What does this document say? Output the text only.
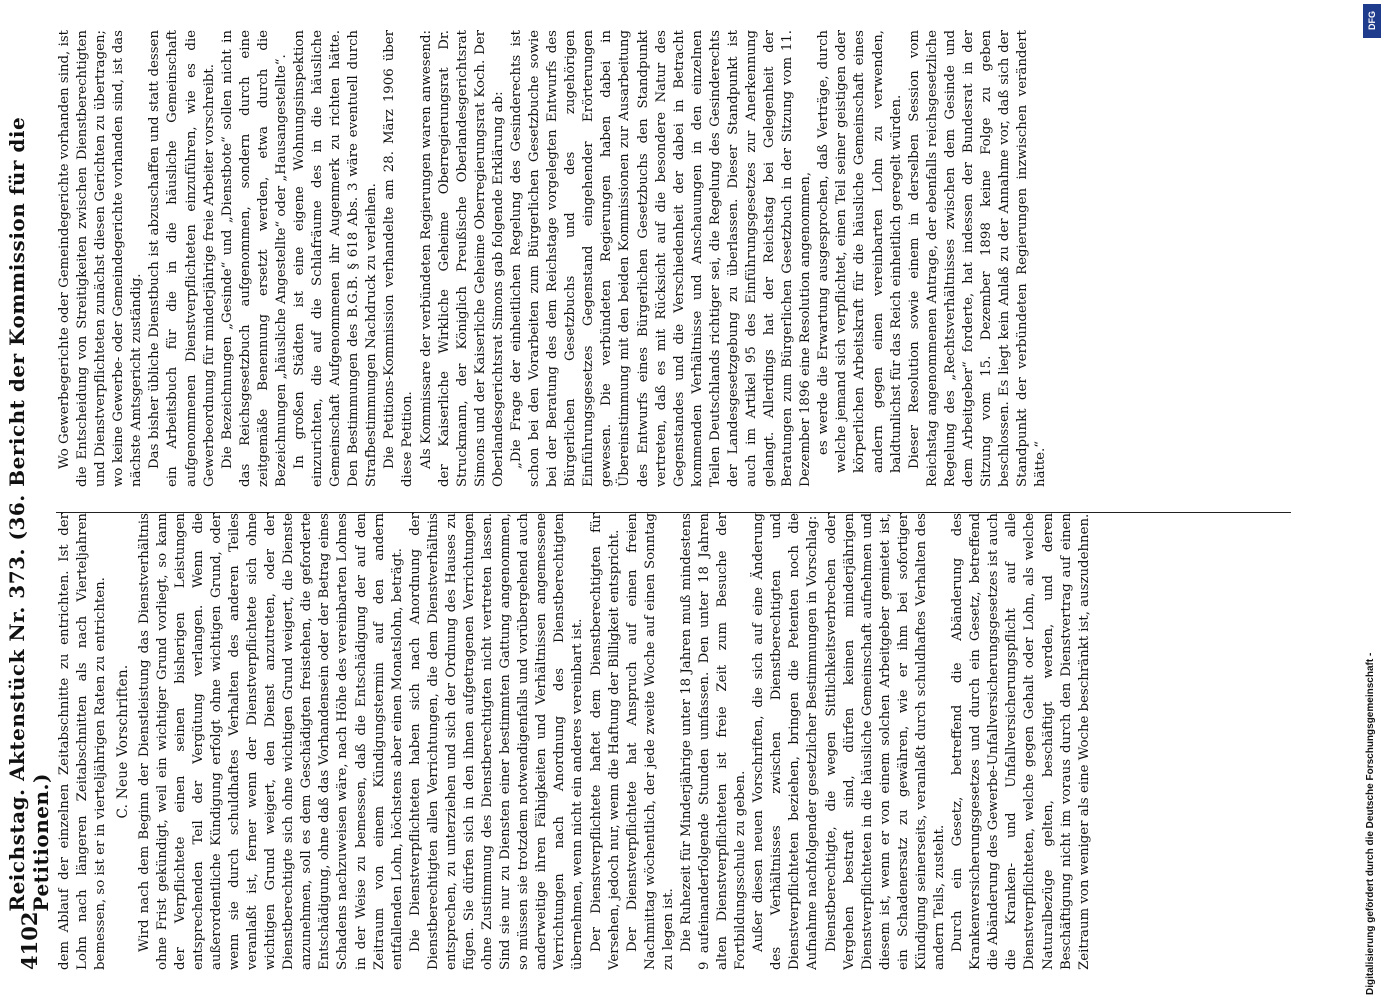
4102
Reichstag. Aktenstück Nr. 373. (36. Bericht der Kommission für die Petitionen.) dem Ablauf der einzelnen Zeitabschnitte zu entrichten. Ist der Lohn nach längeren Zeitabschnitten als nach Vierteljahren bemessen, so ist er in vierteljährigen Raten zu entrichten. C. Neue Vorschriften. Wird nach dem Beginn der Dienstleistung das Dienstverhältnis ohne Frist gekündigt, weil ein wichtiger Grund vorliegt, so kann der Verpflichtete einen seinen bisherigen Leistungen entsprechenden Teil der Vergütung verlangen. Wenn die außerordentliche Kündigung erfolgt ohne wichtigen Grund, oder wenn sie durch schuldhaftes Verhalten des anderen Teiles veranlaßt ist, ferner wenn der Dienstverpflichtete sich ohne wichtigen Grund weigert, den Dienst anzutreten, oder der Dienstberechtigte sich ohne wichtigen Grund weigert, die Dienste anzunehmen, soll es dem Geschädigten freistehen, die geforderte Entschädigung, ohne daß das Vorhandensein oder der Betrag eines Schadens nachzuweisen wäre, nach Höhe des vereinbarten Lohnes in der Weise zu bemessen, daß die Entschädigung der auf den Zeitraum von einem Kündigungstermin auf den andern entfallenden Lohn, höchstens aber einen Monatslohn, beträgt. Die Dienstverpflichteten haben sich nach Anordnung der Dienstberechtigten allen Verrichtungen, die dem Dienstverhältnis entsprechen, zu unterziehen und sich der Ordnung des Hauses zu fügen. Sie dürfen sich in den ihnen aufgetragenen Verrichtungen ohne Zustimmung des Dienstberechtigten nicht vertreten lassen. Sind sie nur zu Diensten einer bestimmten Gattung angenommen, so müssen sie trotzdem notwendigenfalls und vorübergehend auch anderweitige ihren Fähigkeiten und Verhältnissen angemessene Verrichtungen nach Anordnung des Dienstberechtigten übernehmen, wenn nicht ein anderes vereinbart ist. Der Dienstverpflichtete haftet dem Dienstberechtigten für Versehen, jedoch nur, wenn die Haftung der Billigkeit entspricht. Der Dienstverpflichtete hat Anspruch auf einen freien Nachmittag wöchentlich, der jede zweite Woche auf einen Sonntag zu legen ist. Die Ruhezeit für Minderjährige unter 18 Jahren muß mindestens 9 aufeinanderfolgende Stunden umfassen. Den unter 18 Jahren alten Dienstverpflichteten ist freie Zeit zum Besuche der Fortbildungsschule zu geben. Außer diesen neuen Vorschriften, die sich auf eine Änderung des Verhältnisses zwischen Dienstberechtigten und Dienstverpflichteten beziehen, bringen die Petenten noch die Aufnahme nachfolgender gesetzlicher Bestimmungen in Vorschlag: Dienstberechtigte, die wegen Sittlichkeitsverbrechen oder Vergehen bestraft sind, dürfen keinen minderjährigen Dienstverpflichteten in die häusliche Gemeinschaft aufnehmen und diesem ist, wenn er von einem solchen Arbeitgeber gemietet ist, ein Schadenersatz zu gewähren, wie er ihm bei sofortiger Kündigung seinerseits, veranlaßt durch schuldhaftes Verhalten des andern Teils, zusteht. Durch ein Gesetz, betreffend die Abänderung des Krankenversicherungsgesetzes und durch ein Gesetz, betreffend die Abänderung des Gewerbe-Unfallversicherungsgesetzes ist auch die Kranken- und Unfallversicherungspflicht auf alle Dienstverpflichteten, welche gegen Gehalt oder Lohn, als welche Naturalbezüge gelten, beschäftigt werden, und deren Beschäftigung nicht im voraus durch den Dienstvertrag auf einen Zeitraum von weniger als eine Woche beschränkt ist, auszudehnen.

Wo Gewerbegerichte oder Gemeindegerichte vorhanden sind, ist die Entscheidung von Streitigkeiten zwischen Dienstberechtigten und Dienstverpflichteten zunächst diesen Gerichten zu übertragen; wo keine Gewerbe- oder Gemeindegerichte vorhanden sind, ist das nächste Amtsgericht zuständig. Das bisher übliche Dienstbuch ist abzuschaffen und statt dessen ein Arbeitsbuch für die in die häusliche Gemeinschaft aufgenommenen Dienstverpflichteten einzuführen, wie es die Gewerbeordnung für minderjährige freie Arbeiter vorschreibt. Die Bezeichnungen „Gesinde“ und „Dienstbote“ sollen nicht in das Reichsgesetzbuch aufgenommen, sondern durch eine zeitgemäße Benennung ersetzt werden, etwa durch die Bezeichnungen „häusliche Angestellte“ oder „Hausangestellte“. In großen Städten ist eine eigene Wohnungsinspektion einzurichten, die auf die Schlafräume des in die häusliche Gemeinschaft Aufgenommenen ihr Augenmerk zu richten hätte. Den Bestimmungen des B.G.B. § 618 Abs. 3 wäre eventuell durch Strafbestimmungen Nachdruck zu verleihen. Die Petitions-Kommission verhandelte am 28. März 1906 über diese Petition. Als Kommissare der verbündeten Regierungen waren anwesend: der Kaiserliche Wirkliche Geheime Oberregierungsrat Dr. Struckmann, der Königlich Preußische Oberlandesgerichtsrat Simons und der Kaiserliche Geheime Oberregierungsrat Koch. Der Oberlandesgerichtsrat Simons gab folgende Erklärung ab: „Die Frage der einheitlichen Regelung des Gesinderechts ist schon bei den Vorarbeiten zum Bürgerlichen Gesetzbuche sowie bei der Beratung des dem Reichstage vorgelegten Entwurfs des Bürgerlichen Gesetzbuchs und des zugehörigen Einführungsgesetzes Gegenstand eingehender Erörterungen gewesen. Die verbündeten Regierungen haben dabei in Übereinstimmung mit den beiden Kommissionen zur Ausarbeitung des Entwurfs eines Bürgerlichen Gesetzbuchs den Standpunkt vertreten, daß es mit Rücksicht auf die besondere Natur des Gegenstandes und die Verschiedenheit der dabei in Betracht kommenden Verhältnisse und Anschauungen in den einzelnen Teilen Deutschlands richtiger sei, die Regelung des Gesinderechts der Landesgesetzgebung zu überlassen. Dieser Standpunkt ist auch im Artikel 95 des Einführungsgesetzes zur Anerkennung gelangt. Allerdings hat der Reichstag bei Gelegenheit der Beratungen zum Bürgerlichen Gesetzbuch in der Sitzung vom 11. Dezember 1896 eine Resolution angenommen, es werde die Erwartung ausgesprochen, daß Verträge, durch welche jemand sich verpflichtet, einen Teil seiner geistigen oder körperlichen Arbeitskraft für die häusliche Gemeinschaft eines andern gegen einen vereinbarten Lohn zu verwenden, baldtunlichst für das Reich einheitlich geregelt würden. Dieser Resolution sowie einem in derselben Session vom Reichstag angenommenen Antrage, der ebenfalls reichsgesetzliche Regelung des „Rechtsverhältnisses zwischen dem Gesinde und dem Arbeitgeber“ forderte, hat indessen der Bundesrat in der Sitzung vom 15. Dezember 1898 keine Folge zu geben beschlossen. Es liegt kein Anlaß zu der Annahme vor, daß sich der Standpunkt der verbündeten Regierungen inzwischen verändert hätte.“

Digitalisierung gefördert durch die Deutsche Forschungsgemeinschaft -
DFG
